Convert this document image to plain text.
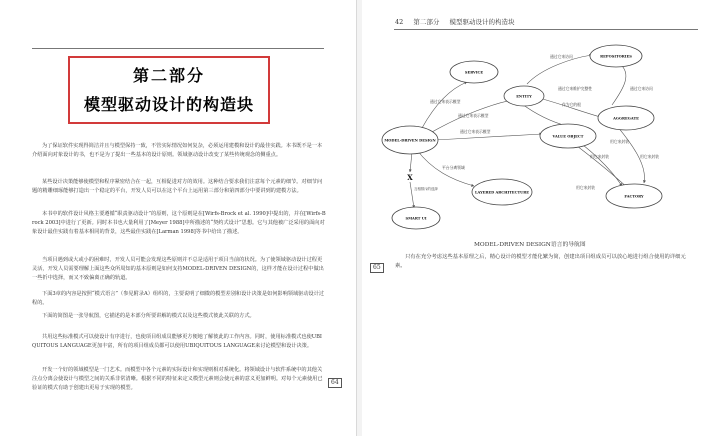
第二部分
模型驱动设计的构造块
为了保证软件实现得简洁并且与模型保持一致，不管实际情况如何复杂，必须运用建模和设计的最佳实践。本书既不是一本介绍面向对象设计的书，也不是为了提出一些基本的设计原则。领域驱动设计改变了某些传统观念的侧重点。
某些设计决策能够使模型和程序紧密结合在一起，互相促进对方的效用。这种结合要求我们注意每个元素的细节。对细节问题的精雕细琢能够打造出一个稳定的平台，开发人员可以在这个平台上运用第三部分和第四部分中要讲到的建模方法。
本书中的软件设计风格主要遵循“职责驱动设计”的原则，这个原则是在[Wirfs-Brock et al. 1990]中提出的，并在[Wirfs-Brock 2003]中进行了更新。同时本书也大量利用了[Meyer 1988]中所描述的“契约式设计”思想。它与其他被广泛采用的面向对象设计最佳实践有着基本相同的背景，这些最佳实践在[Larman 1998]等书中给出了描述。
当项目遇到或大或小的困难时，开发人员可能会发现这些原则并不总是适用于项目当前的状况。为了使领域驱动设计过程更灵活，开发人员需要理解上面这些众所周知的基本原则是如何支持MODEL-DRIVEN DESIGN的，这样才能在设计过程中做出一些折中选择，而又不致偏离正确的轨道。
下面3章的内容是按照“模式语言”（参见附录A）组织的，主要说明了细微的模型差别和设计决策是如何影响领域驱动设计过程的。
下面的简图是一张导航图，它描述的是本部分所要讲解的模式以及这些模式彼此关联的方式。
共用这些标准模式可以使设计有序进行，也使项目组成员能够更方便地了解彼此的工作内容。同时，使用标准模式也使UBIQUITOUS LANGUAGE更加丰富，所有的项目组成员都可以使用UBIQUITOUS LANGUAGE来讨论模型和设计决策。
开发一个好的领域模型是一门艺术。而模型中各个元素的实际设计和实现则相对系统化。将领域设计与软件系统中的其他关注点分离会使设计与模型之间的关系非常清晰。根据不同的特征来定义模型元素则会使元素的意义更加鲜明。对每个元素使用已验证的模式有助于创建出更易于实现的模型。
64
42 第二部分 模型驱动设计的构造块
REPOSITORIES
SERVICE
ENTITY
AGGREGATE
MODEL-DRIVEN DESIGN
VALUE OBJECT
LAYERED ARCHITECTURE
FACTORY
SMART UI
X
通过它来访问
通过它来访问
通过它来维护完整性
通过它来表示模型
作为它的根
通过它来表示模型
通过它来表示模型
用它来封装
用它来封装
用它来封装
用它来封装
平台分离领域
互相排斥的选择
MODEL-DRIVEN DESIGN语言的导航图
只有在充分考虑这些基本原理之后，精心设计的模型才能化繁为简，创建出项目组成员可以放心地进行组合使用的详细元素。
65
